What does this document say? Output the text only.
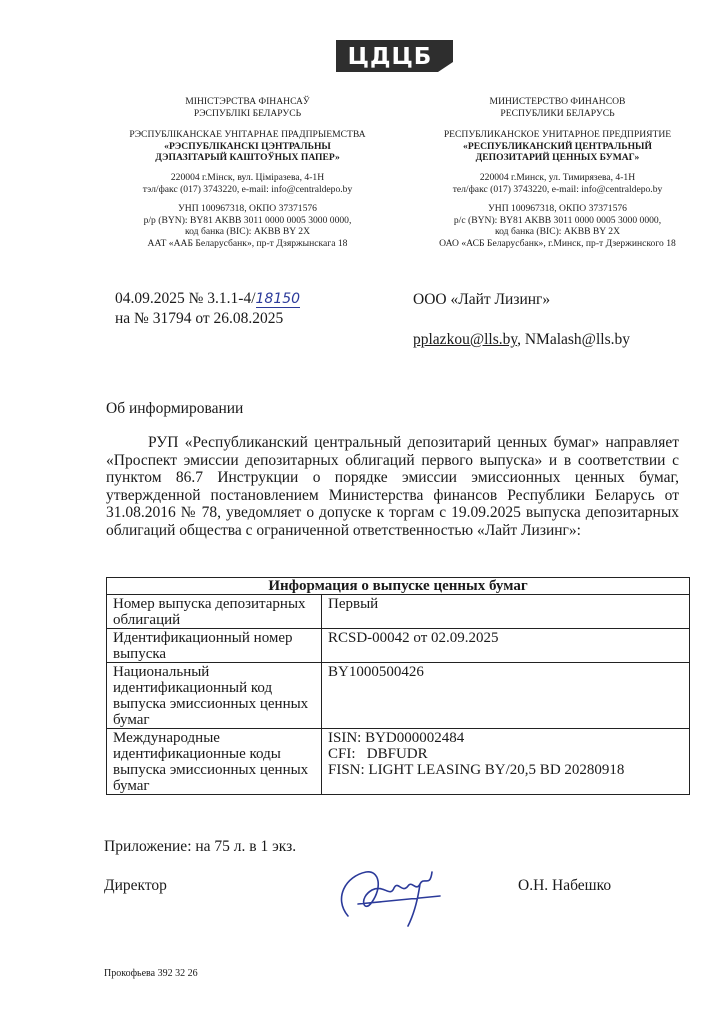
ЦДЦБ
МІНІСТЭРСТВА ФІНАНСАЎ
РЭСПУБЛІКІ БЕЛАРУСЬ
РЭСПУБЛІКАНСКАЕ УНІТАРНАЕ ПРАДПРЫЕМСТВА
«РЭСПУБЛІКАНСКІ ЦЭНТРАЛЬНЫ
ДЭПАЗІТАРЫЙ КАШТОЎНЫХ ПАПЕР»
220004 г.Мінск, вул. Ціміразева, 4-1Н
тэл/факс (017) 3743220, e-mail: info@centraldepo.by
УНП 100967318, ОКПО 37371576
р/р (BYN): BY81 AKBB 3011 0000 0005 3000 0000,
код банка (BIC): AKBB BY 2X
ААТ «ААБ Беларусбанк», пр-т Дзяржынскага 18
МИНИСТЕРСТВО ФИНАНСОВ
РЕСПУБЛИКИ БЕЛАРУСЬ
РЕСПУБЛИКАНСКОЕ УНИТАРНОЕ ПРЕДПРИЯТИЕ
«РЕСПУБЛИКАНСКИЙ ЦЕНТРАЛЬНЫЙ
ДЕПОЗИТАРИЙ ЦЕННЫХ БУМАГ»
220004 г.Минск, ул. Тимирязева, 4-1Н
тел/факс (017) 3743220, e-mail: info@centraldepo.by
УНП 100967318, ОКПО 37371576
р/с (BYN): BY81 AKBB 3011 0000 0005 3000 0000,
код банка (BIC): AKBB BY 2X
ОАО «АСБ Беларусбанк», г.Минск, пр-т Дзержинского 18
04.09.2025 № 3.1.1-4/18150
на № 31794 от 26.08.2025
ООО «Лайт Лизинг»
pplazkou@lls.by, NMalash@lls.by
Об информировании
РУП «Республиканский центральный депозитарий ценных бумаг» направляет «Проспект эмиссии депозитарных облигаций первого выпуска» и в соответствии с пунктом 86.7 Инструкции о порядке эмиссии эмиссионных ценных бумаг, утвержденной постановлением Министерства финансов Республики Беларусь от 31.08.2016 № 78, уведомляет о допуске к торгам с 19.09.2025 выпуска депозитарных облигаций общества с ограниченной ответственностью «Лайт Лизинг»:
Информация о выпуске ценных бумаг	
Номер выпуска депозитарных облигаций	Первый
Идентификационный номер выпуска	RCSD-00042 от 02.09.2025
Национальный идентификационный код выпуска эмиссионных ценных бумаг	BY1000500426
Международные идентификационные коды выпуска эмиссионных ценных бумаг	ISIN: BYD000002484
CFI:   DBFUDR
FISN: LIGHT LEASING BY/20,5 BD 20280918
Приложение: на 75 л. в 1 экз.
Директор	О.Н. Набешко
Прокофьева 392 32 26
